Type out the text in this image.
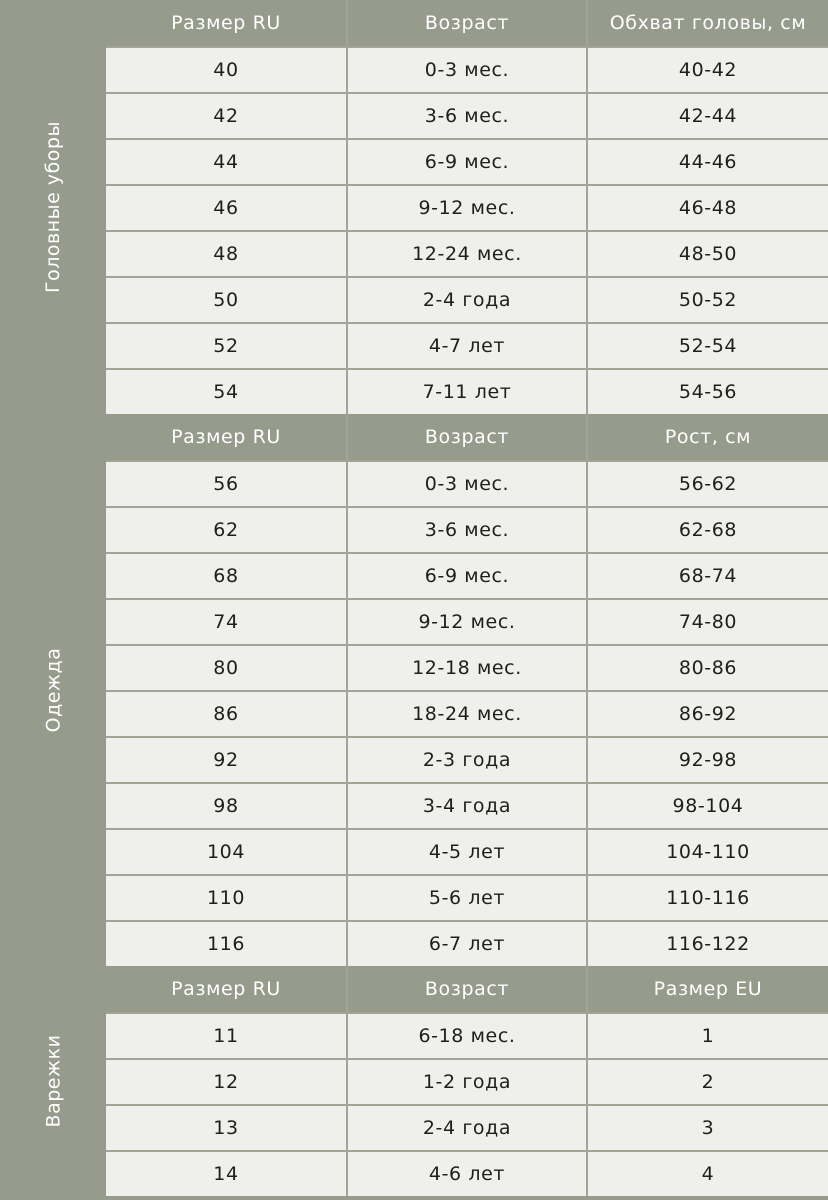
Головные уборы
Одежда
Варежки
Размер RU	Возраст	Обхват головы, см
40	0-3 мес.	40-42
42	3-6 мес.	42-44
44	6-9 мес.	44-46
46	9-12 мес.	46-48
48	12-24 мес.	48-50
50	2-4 года	50-52
52	4-7 лет	52-54
54	7-11 лет	54-56
Размер RU	Возраст	Рост, см
56	0-3 мес.	56-62
62	3-6 мес.	62-68
68	6-9 мес.	68-74
74	9-12 мес.	74-80
80	12-18 мес.	80-86
86	18-24 мес.	86-92
92	2-3 года	92-98
98	3-4 года	98-104
104	4-5 лет	104-110
110	5-6 лет	110-116
116	6-7 лет	116-122
Размер RU	Возраст	Размер EU
11	6-18 мес.	1
12	1-2 года	2
13	2-4 года	3
14	4-6 лет	4
